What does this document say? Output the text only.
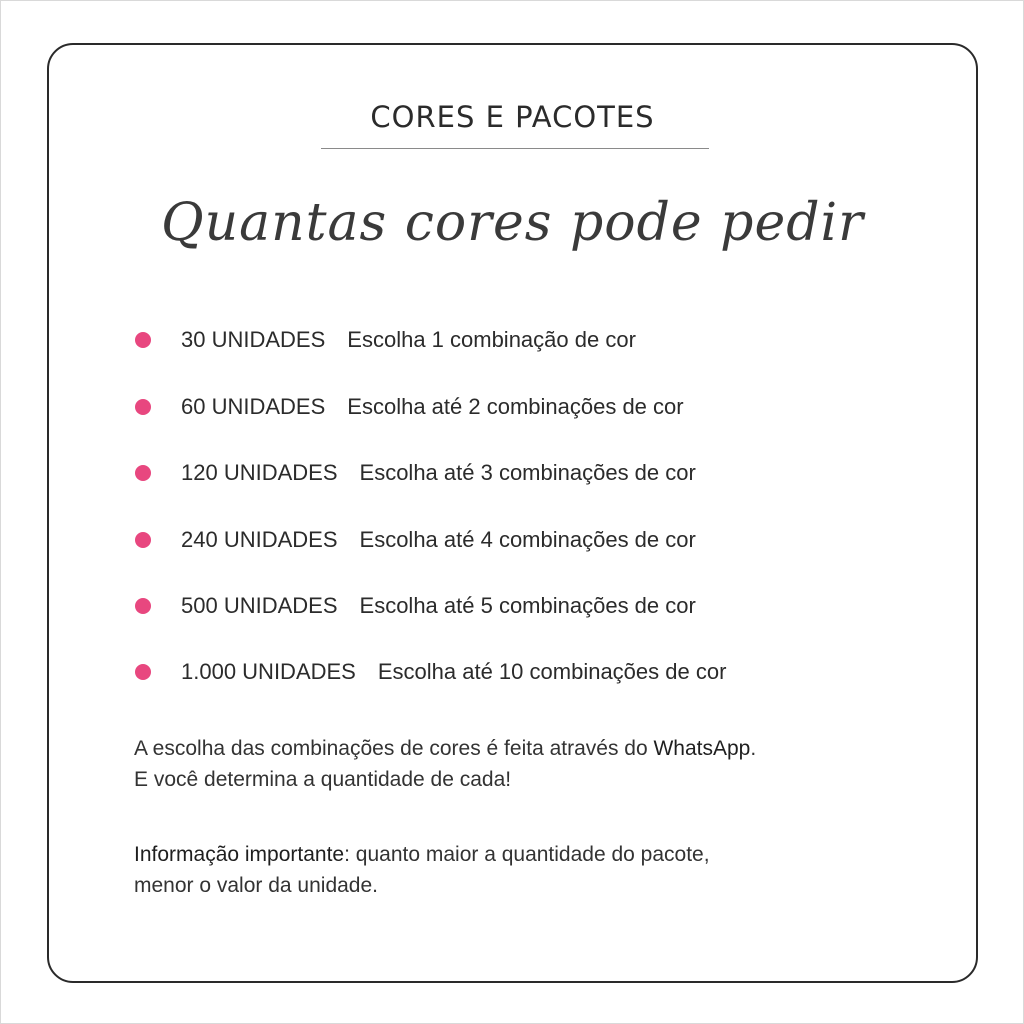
CORES E PACOTES
Quantas cores pode pedir
30 UNIDADES Escolha 1 combinação de cor
60 UNIDADES Escolha até 2 combinações de cor
120 UNIDADES Escolha até 3 combinações de cor
240 UNIDADES Escolha até 4 combinações de cor
500 UNIDADES Escolha até 5 combinações de cor
1.000 UNIDADES Escolha até 10 combinações de cor

A escolha das combinações de cores é feita através do WhatsApp.

E você determina a quantidade de cada!

Informação importante: quanto maior a quantidade do pacote,

menor o valor da unidade.
